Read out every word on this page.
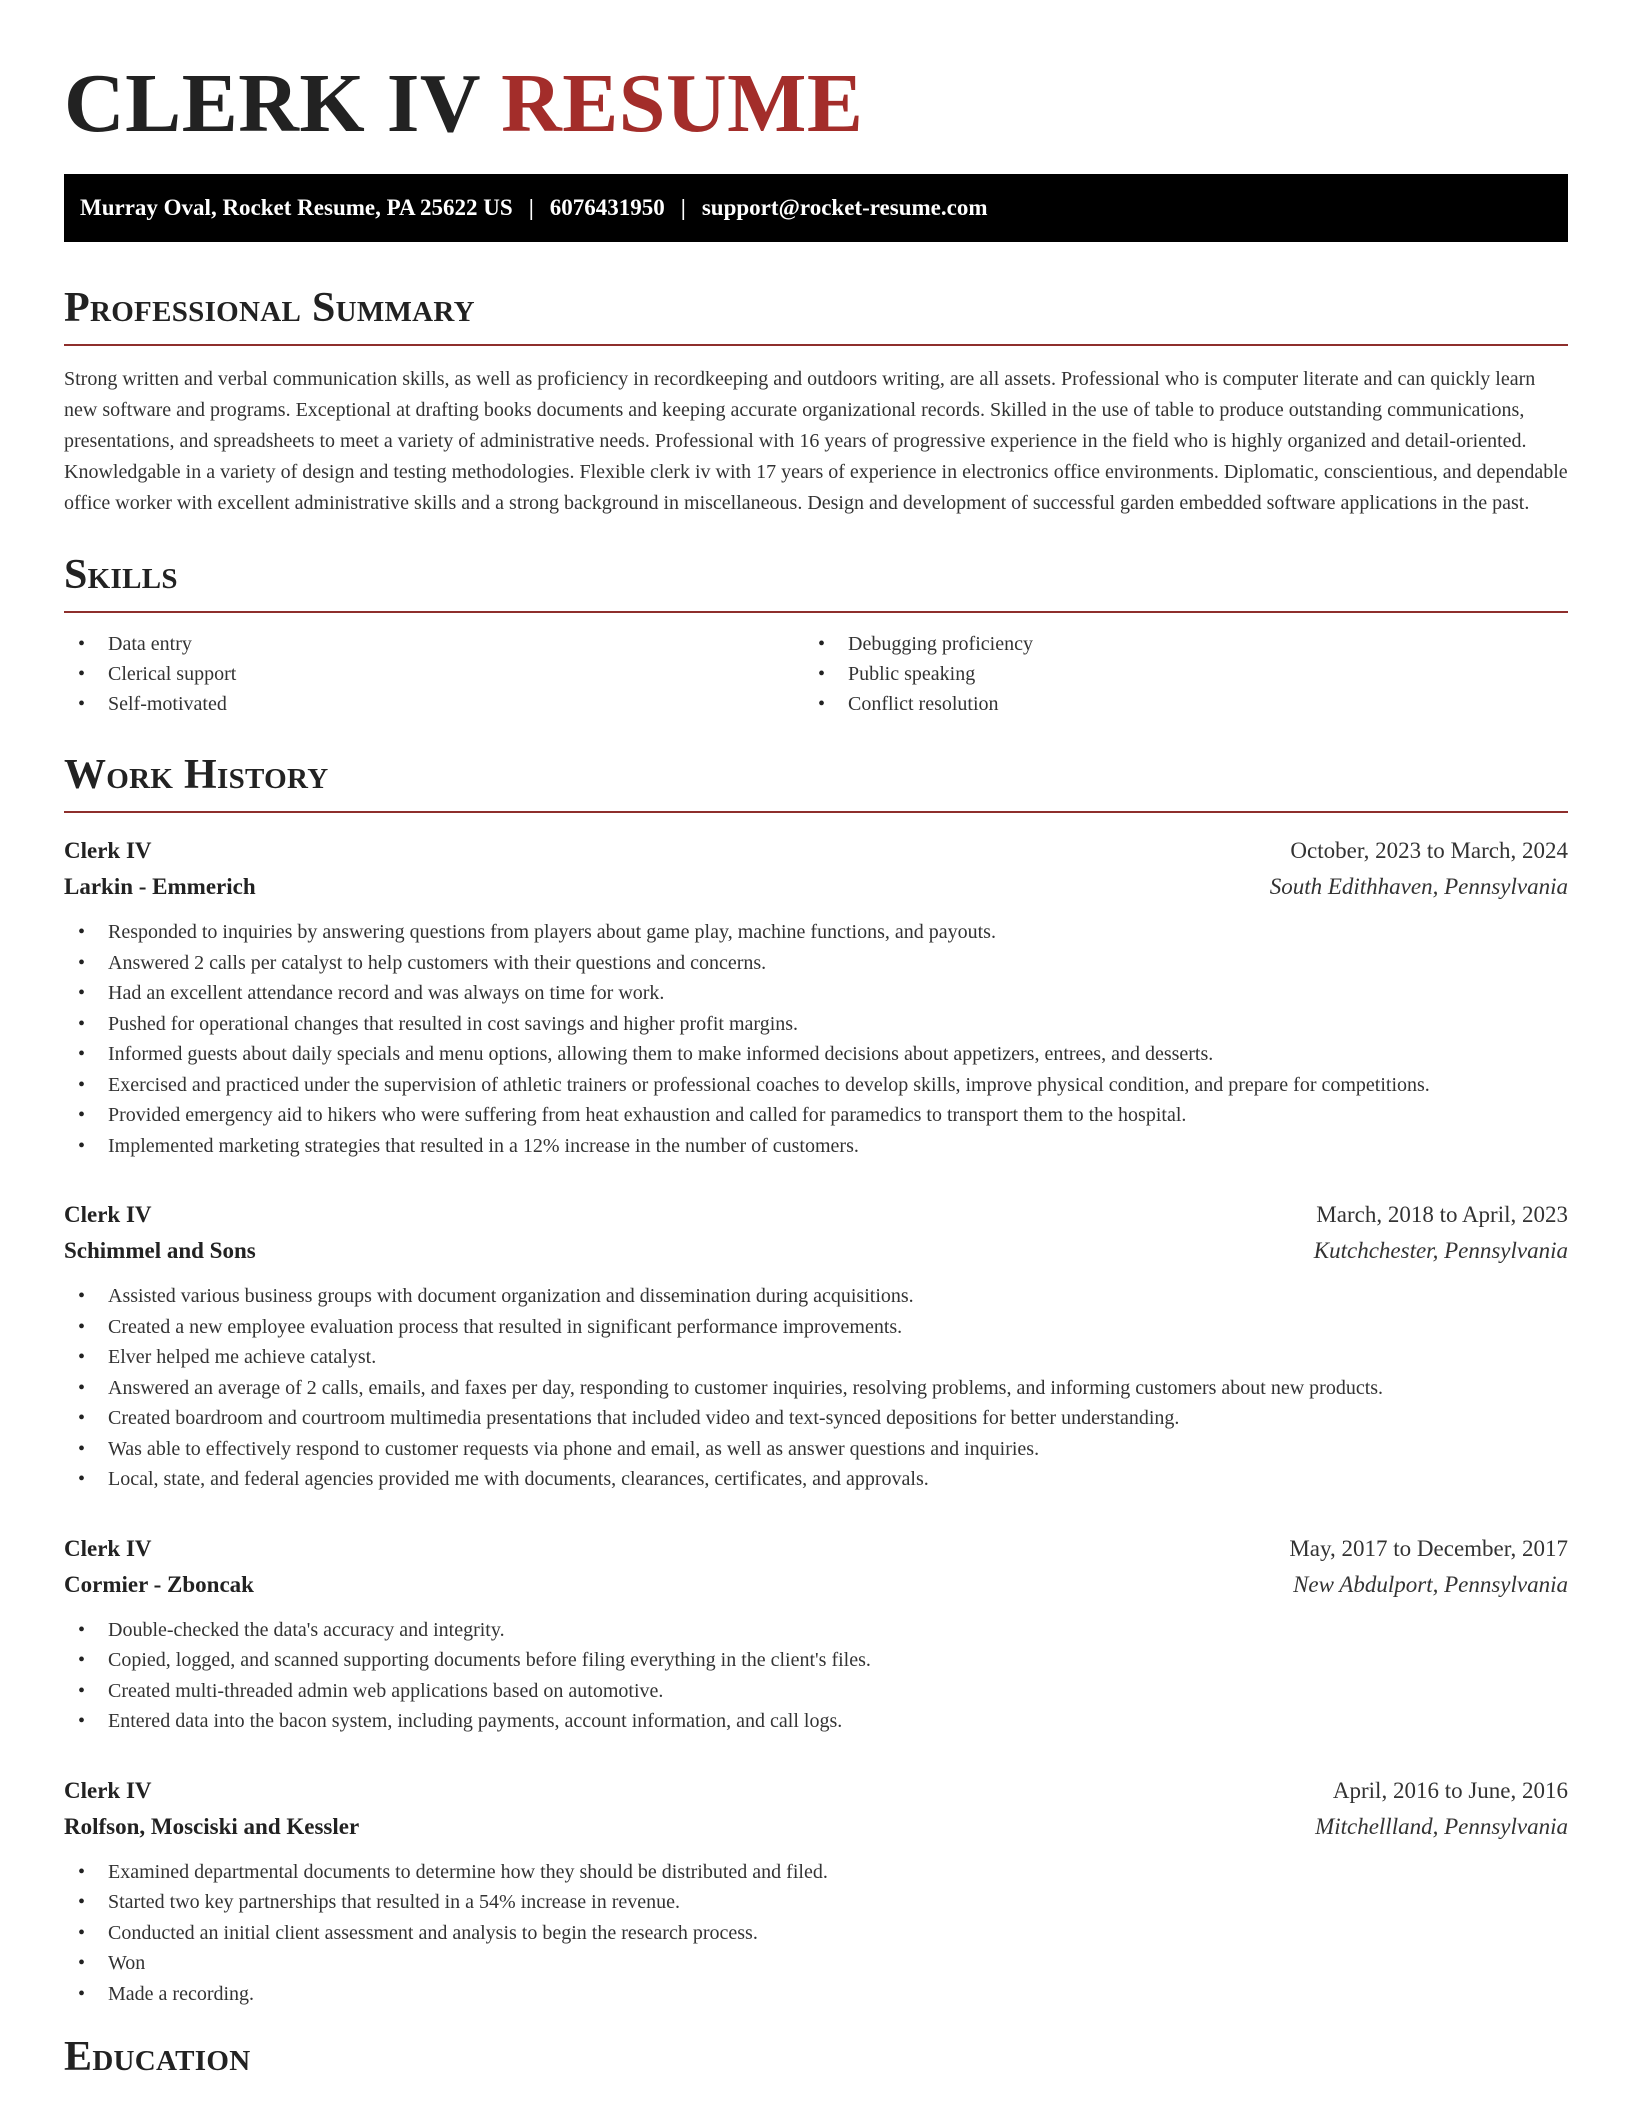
CLERK IV RESUME
Murray Oval, Rocket Resume, PA 25622 US | 6076431950 | support@rocket-resume.com
Professional Summary

Strong written and verbal communication skills, as well as proficiency in recordkeeping and outdoors writing, are all assets. Professional who is computer literate and can quickly learn new software and programs. Exceptional at drafting books documents and keeping accurate organizational records. Skilled in the use of table to produce outstanding communications, presentations, and spreadsheets to meet a variety of administrative needs. Professional with 16 years of progressive experience in the field who is highly organized and detail-oriented. Knowledgable in a variety of design and testing methodologies. Flexible clerk iv with 17 years of experience in electronics office environments. Diplomatic, conscientious, and dependable office worker with excellent administrative skills and a strong background in miscellaneous. Design and development of successful garden embedded software applications in the past.

Skills
• Data entry
• Clerical support
• Self-motivated
• Debugging proficiency
• Public speaking
• Conflict resolution
Work History
Clerk IV	October, 2023 to March, 2024
Larkin - Emmerich	South Edithhaven, Pennsylvania
• Responded to inquiries by answering questions from players about game play, machine functions, and payouts.
• Answered 2 calls per catalyst to help customers with their questions and concerns.
• Had an excellent attendance record and was always on time for work.
• Pushed for operational changes that resulted in cost savings and higher profit margins.
• Informed guests about daily specials and menu options, allowing them to make informed decisions about appetizers, entrees, and desserts.
• Exercised and practiced under the supervision of athletic trainers or professional coaches to develop skills, improve physical condition, and prepare for competitions.
• Provided emergency aid to hikers who were suffering from heat exhaustion and called for paramedics to transport them to the hospital.
• Implemented marketing strategies that resulted in a 12% increase in the number of customers.
Clerk IV	March, 2018 to April, 2023
Schimmel and Sons	Kutchchester, Pennsylvania
• Assisted various business groups with document organization and dissemination during acquisitions.
• Created a new employee evaluation process that resulted in significant performance improvements.
• Elver helped me achieve catalyst.
• Answered an average of 2 calls, emails, and faxes per day, responding to customer inquiries, resolving problems, and informing customers about new products.
• Created boardroom and courtroom multimedia presentations that included video and text-synced depositions for better understanding.
• Was able to effectively respond to customer requests via phone and email, as well as answer questions and inquiries.
• Local, state, and federal agencies provided me with documents, clearances, certificates, and approvals.
Clerk IV	May, 2017 to December, 2017
Cormier - Zboncak	New Abdulport, Pennsylvania
• Double-checked the data's accuracy and integrity.
• Copied, logged, and scanned supporting documents before filing everything in the client's files.
• Created multi-threaded admin web applications based on automotive.
• Entered data into the bacon system, including payments, account information, and call logs.
Clerk IV	April, 2016 to June, 2016
Rolfson, Mosciski and Kessler	Mitchellland, Pennsylvania
• Examined departmental documents to determine how they should be distributed and filed.
• Started two key partnerships that resulted in a 54% increase in revenue.
• Conducted an initial client assessment and analysis to begin the research process.
• Won
• Made a recording.
Education
